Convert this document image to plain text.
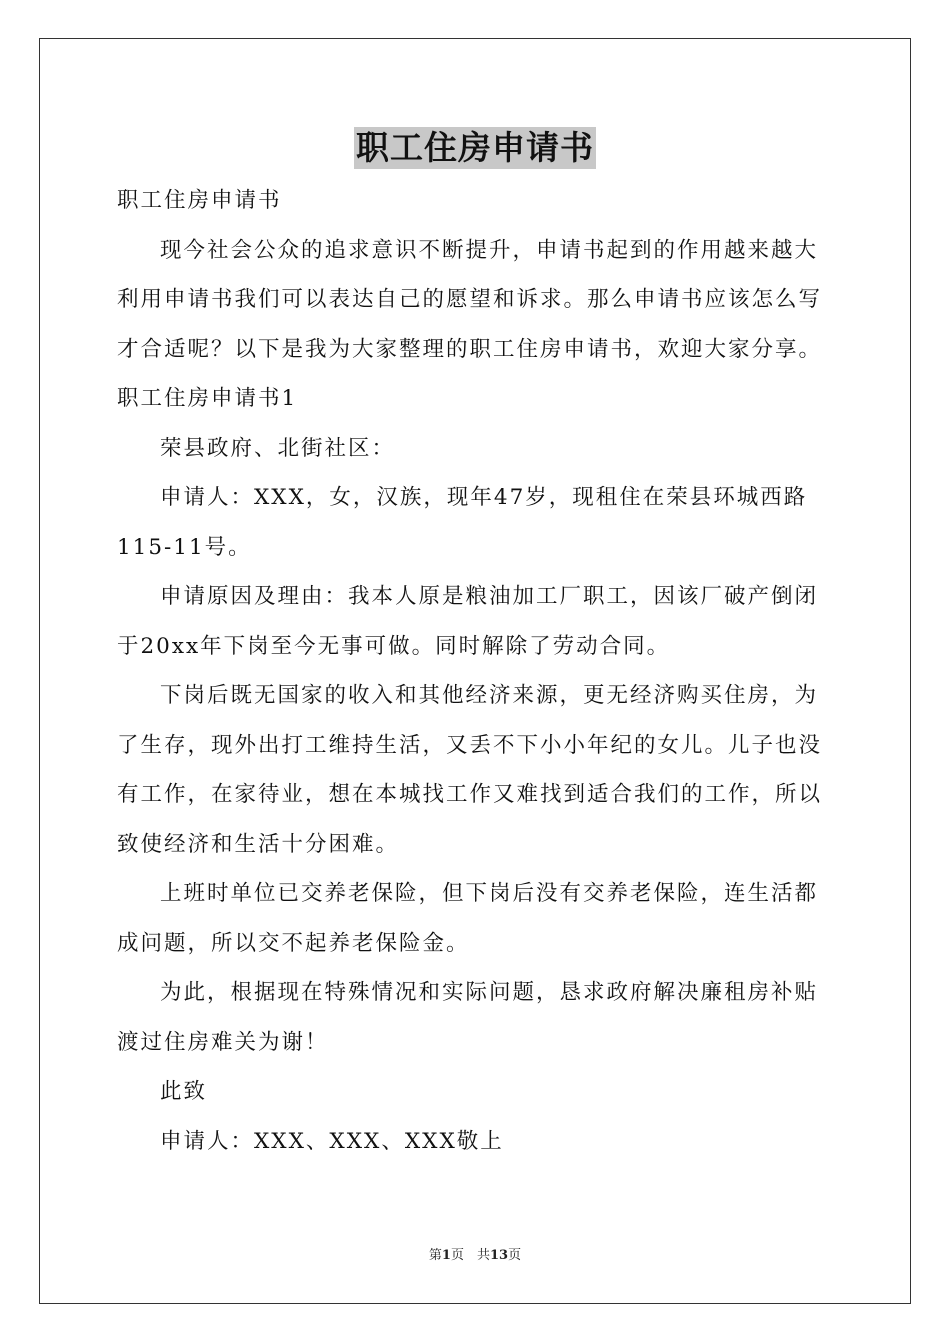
职工住房申请书

职工住房申请书

现今社会公众的追求意识不断提升，申请书起到的作用越来越大利用申请书我们可以表达自己的愿望和诉求。那么申请书应该怎么写才合适呢？以下是我为大家整理的职工住房申请书，欢迎大家分享。

职工住房申请书1

荣县政府、北街社区：

申请人：XXX，女，汉族，现年47岁，现租住在荣县环城西路115-11号。

申请原因及理由：我本人原是粮油加工厂职工，因该厂破产倒闭于20xx年下岗至今无事可做。同时解除了劳动合同。

下岗后既无国家的收入和其他经济来源，更无经济购买住房，为了生存，现外出打工维持生活，又丢不下小小年纪的女儿。儿子也没有工作，在家待业，想在本城找工作又难找到适合我们的工作，所以致使经济和生活十分困难。

上班时单位已交养老保险，但下岗后没有交养老保险，连生活都成问题，所以交不起养老保险金。

为此，根据现在特殊情况和实际问题，恳求政府解决廉租房补贴渡过住房难关为谢！

此致

申请人：XXX、XXX、XXX敬上

第1页　共13页
